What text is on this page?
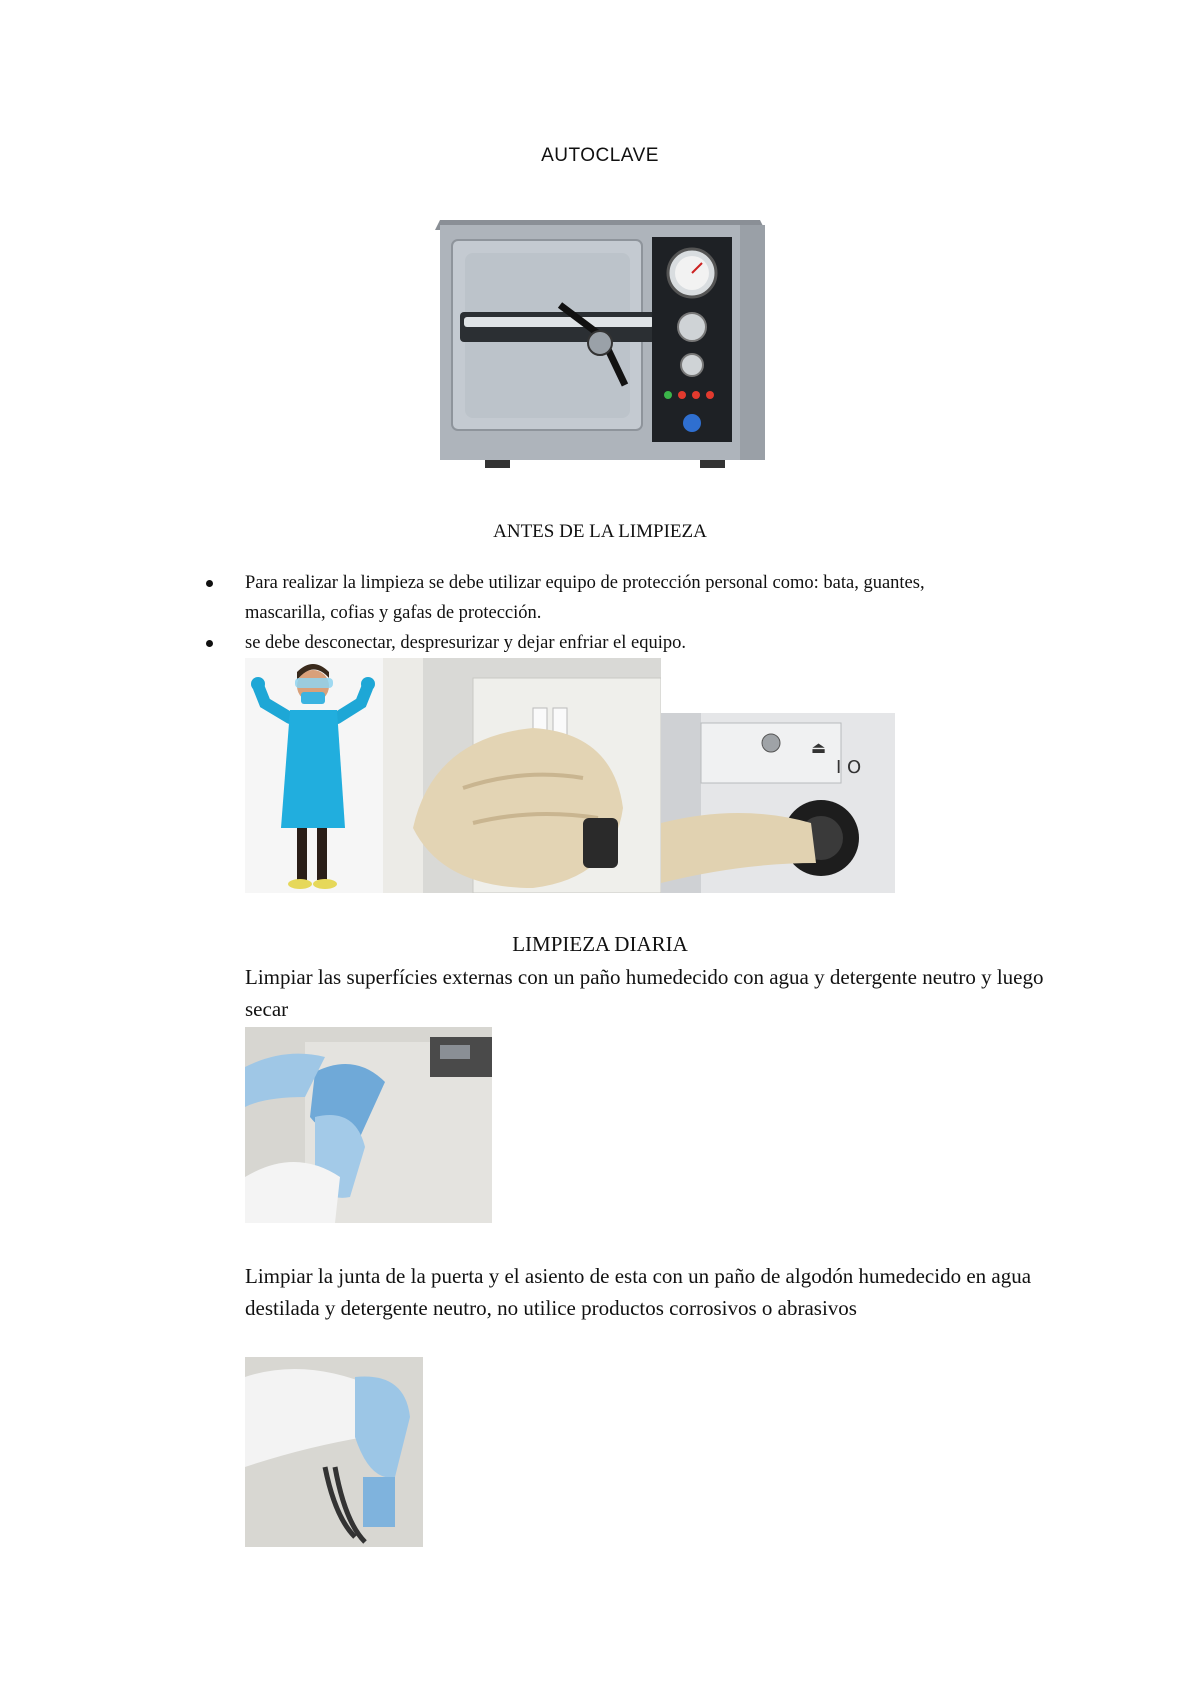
AUTOCLAVE
ANTES DE LA LIMPIEZA
Para realizar la limpieza se debe utilizar equipo de protección personal como: bata, guantes, mascarilla, cofias y gafas de protección.
se debe desconectar, despresurizar y dejar enfriar el equipo.
⏏
I O
LIMPIEZA DIARIA
Limpiar las superfícies externas con un paño humedecido con agua y detergente neutro y luego secar
Limpiar la junta de la puerta y el asiento de esta con un paño de algodón humedecido en agua destilada y detergente neutro, no utilice productos corrosivos o abrasivos
